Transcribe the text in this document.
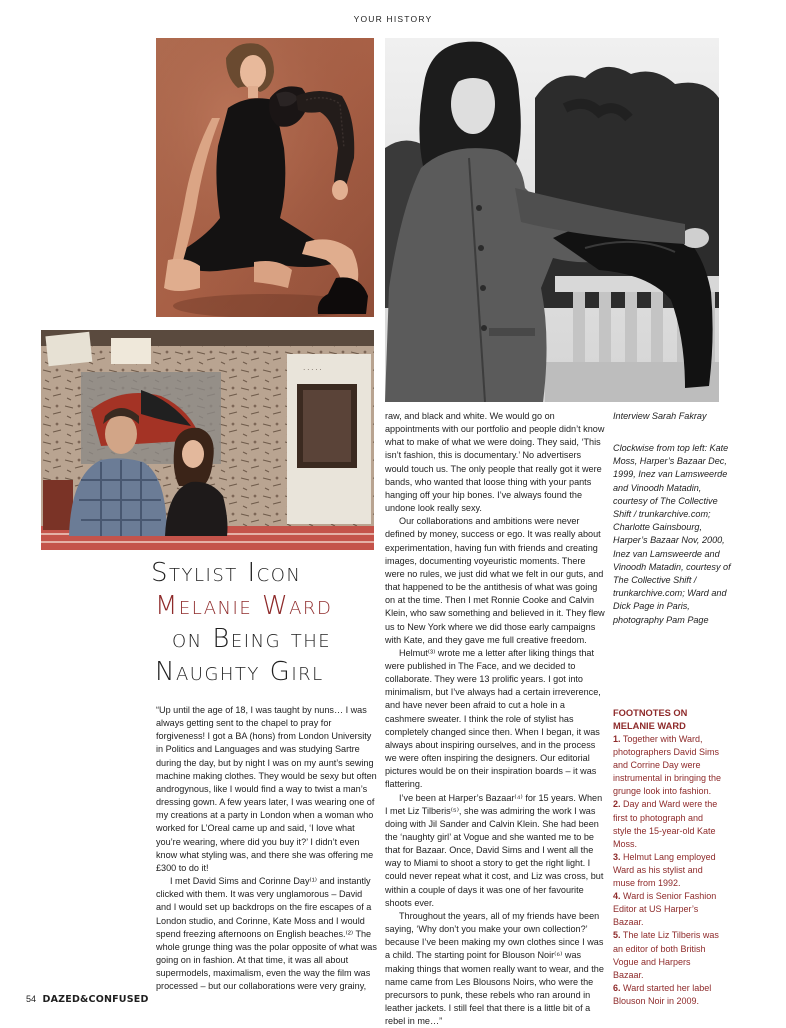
YOUR HISTORY
· · · · ·
Stylist Icon
Melanie Ward
on Being the
Naughty Girl

“Up until the age of 18, I was taught by nuns… I was always getting sent to the chapel to pray for forgiveness! I got a BA (hons) from London University in Politics and Languages and was studying Sartre during the day, but by night I was on my aunt’s sewing machine making clothes. They would be sexy but often androgynous, like I would find a way to twist a man’s dressing gown. A few years later, I was wearing one of my creations at a party in London when a woman who worked for L’Oreal came up and said, ‘I love what you’re wearing, where did you buy it?’ I didn’t even know what styling was, and there she was offering me £300 to do it!

I met David Sims and Corinne Day⁽¹⁾ and instantly clicked with them. It was very unglamorous – David and I would set up backdrops on the fire escapes of a London studio, and Corinne, Kate Moss and I would spend freezing afternoons on English beaches.⁽²⁾ The whole grunge thing was the polar opposite of what was going on in fashion. At that time, it was all about supermodels, maximalism, even the way the film was processed – but our collaborations were very grainy,

raw, and black and white. We would go on appointments with our portfolio and people didn’t know what to make of what we were doing. They said, ‘This isn’t fashion, this is documentary.’ No advertisers would touch us. The only people that really got it were bands, who wanted that loose thing with your pants hanging off your hip bones. I’ve always found the undone look really sexy.

Our collaborations and ambitions were never defined by money, success or ego. It was really about experimentation, having fun with friends and creating images, documenting voyeuristic moments. There were no rules, we just did what we felt in our guts, and that happened to be the antithesis of what was going on at the time. Then I met Ronnie Cooke and Calvin Klein, who saw something and believed in it. They flew us to New York where we did those early campaigns with Kate, and they gave me full creative freedom.

Helmut⁽³⁾ wrote me a letter after liking things that were published in The Face, and we decided to collaborate. They were 13 prolific years. I got into minimalism, but I’ve always had a certain irreverence, and have never been afraid to cut a hole in a cashmere sweater. I think the role of stylist has completely changed since then. When I began, it was always about inspiring ourselves, and in the process we were often inspiring the designers. Our editorial pictures would be on their inspiration boards – it was flattering.

I’ve been at Harper’s Bazaar⁽⁴⁾ for 15 years. When I met Liz Tilberis⁽⁵⁾, she was admiring the work I was doing with Jil Sander and Calvin Klein. She had been the ‘naughty girl’ at Vogue and she wanted me to be that for Bazaar. Once, David Sims and I went all the way to Miami to shoot a story to get the right light. I could never repeat what it cost, and Liz was cross, but within a couple of days it was one of her favourite shoots ever.

Throughout the years, all of my friends have been saying, ‘Why don’t you make your own collection?’ because I’ve been making my own clothes since I was a child. The starting point for Blouson Noir⁽⁶⁾ was making things that women really want to wear, and the name came from Les Blousons Noirs, who were the precursors to punk, these rebels who ran around in leather jackets. I still feel that there is a little bit of a rebel in me…”

Interview Sarah Fakray
Clockwise from top left: Kate Moss, Harper’s Bazaar Dec, 1999, Inez van Lamsweerde and Vinoodh Matadin, courtesy of The Collective Shift / trunkarchive.com; Charlotte Gainsbourg, Harper’s Bazaar Nov, 2000, Inez van Lamsweerde and Vinoodh Matadin, courtesy of The Collective Shift / trunkarchive.com; Ward and Dick Page in Paris, photography Pam Page
FOOTNOTES ON MELANIE WARD
1. Together with Ward, photographers David Sims and Corrine Day were instrumental in bringing the grunge look into fashion.
2. Day and Ward were the first to photograph and style the 15-year-old Kate Moss.
3. Helmut Lang employed Ward as his stylist and muse from 1992.
4. Ward is Senior Fashion Editor at US Harper’s Bazaar.
5. The late Liz Tilberis was an editor of both British Vogue and Harpers Bazaar.
6. Ward started her label Blouson Noir in 2009.
54 DAZED&CONFUSED
